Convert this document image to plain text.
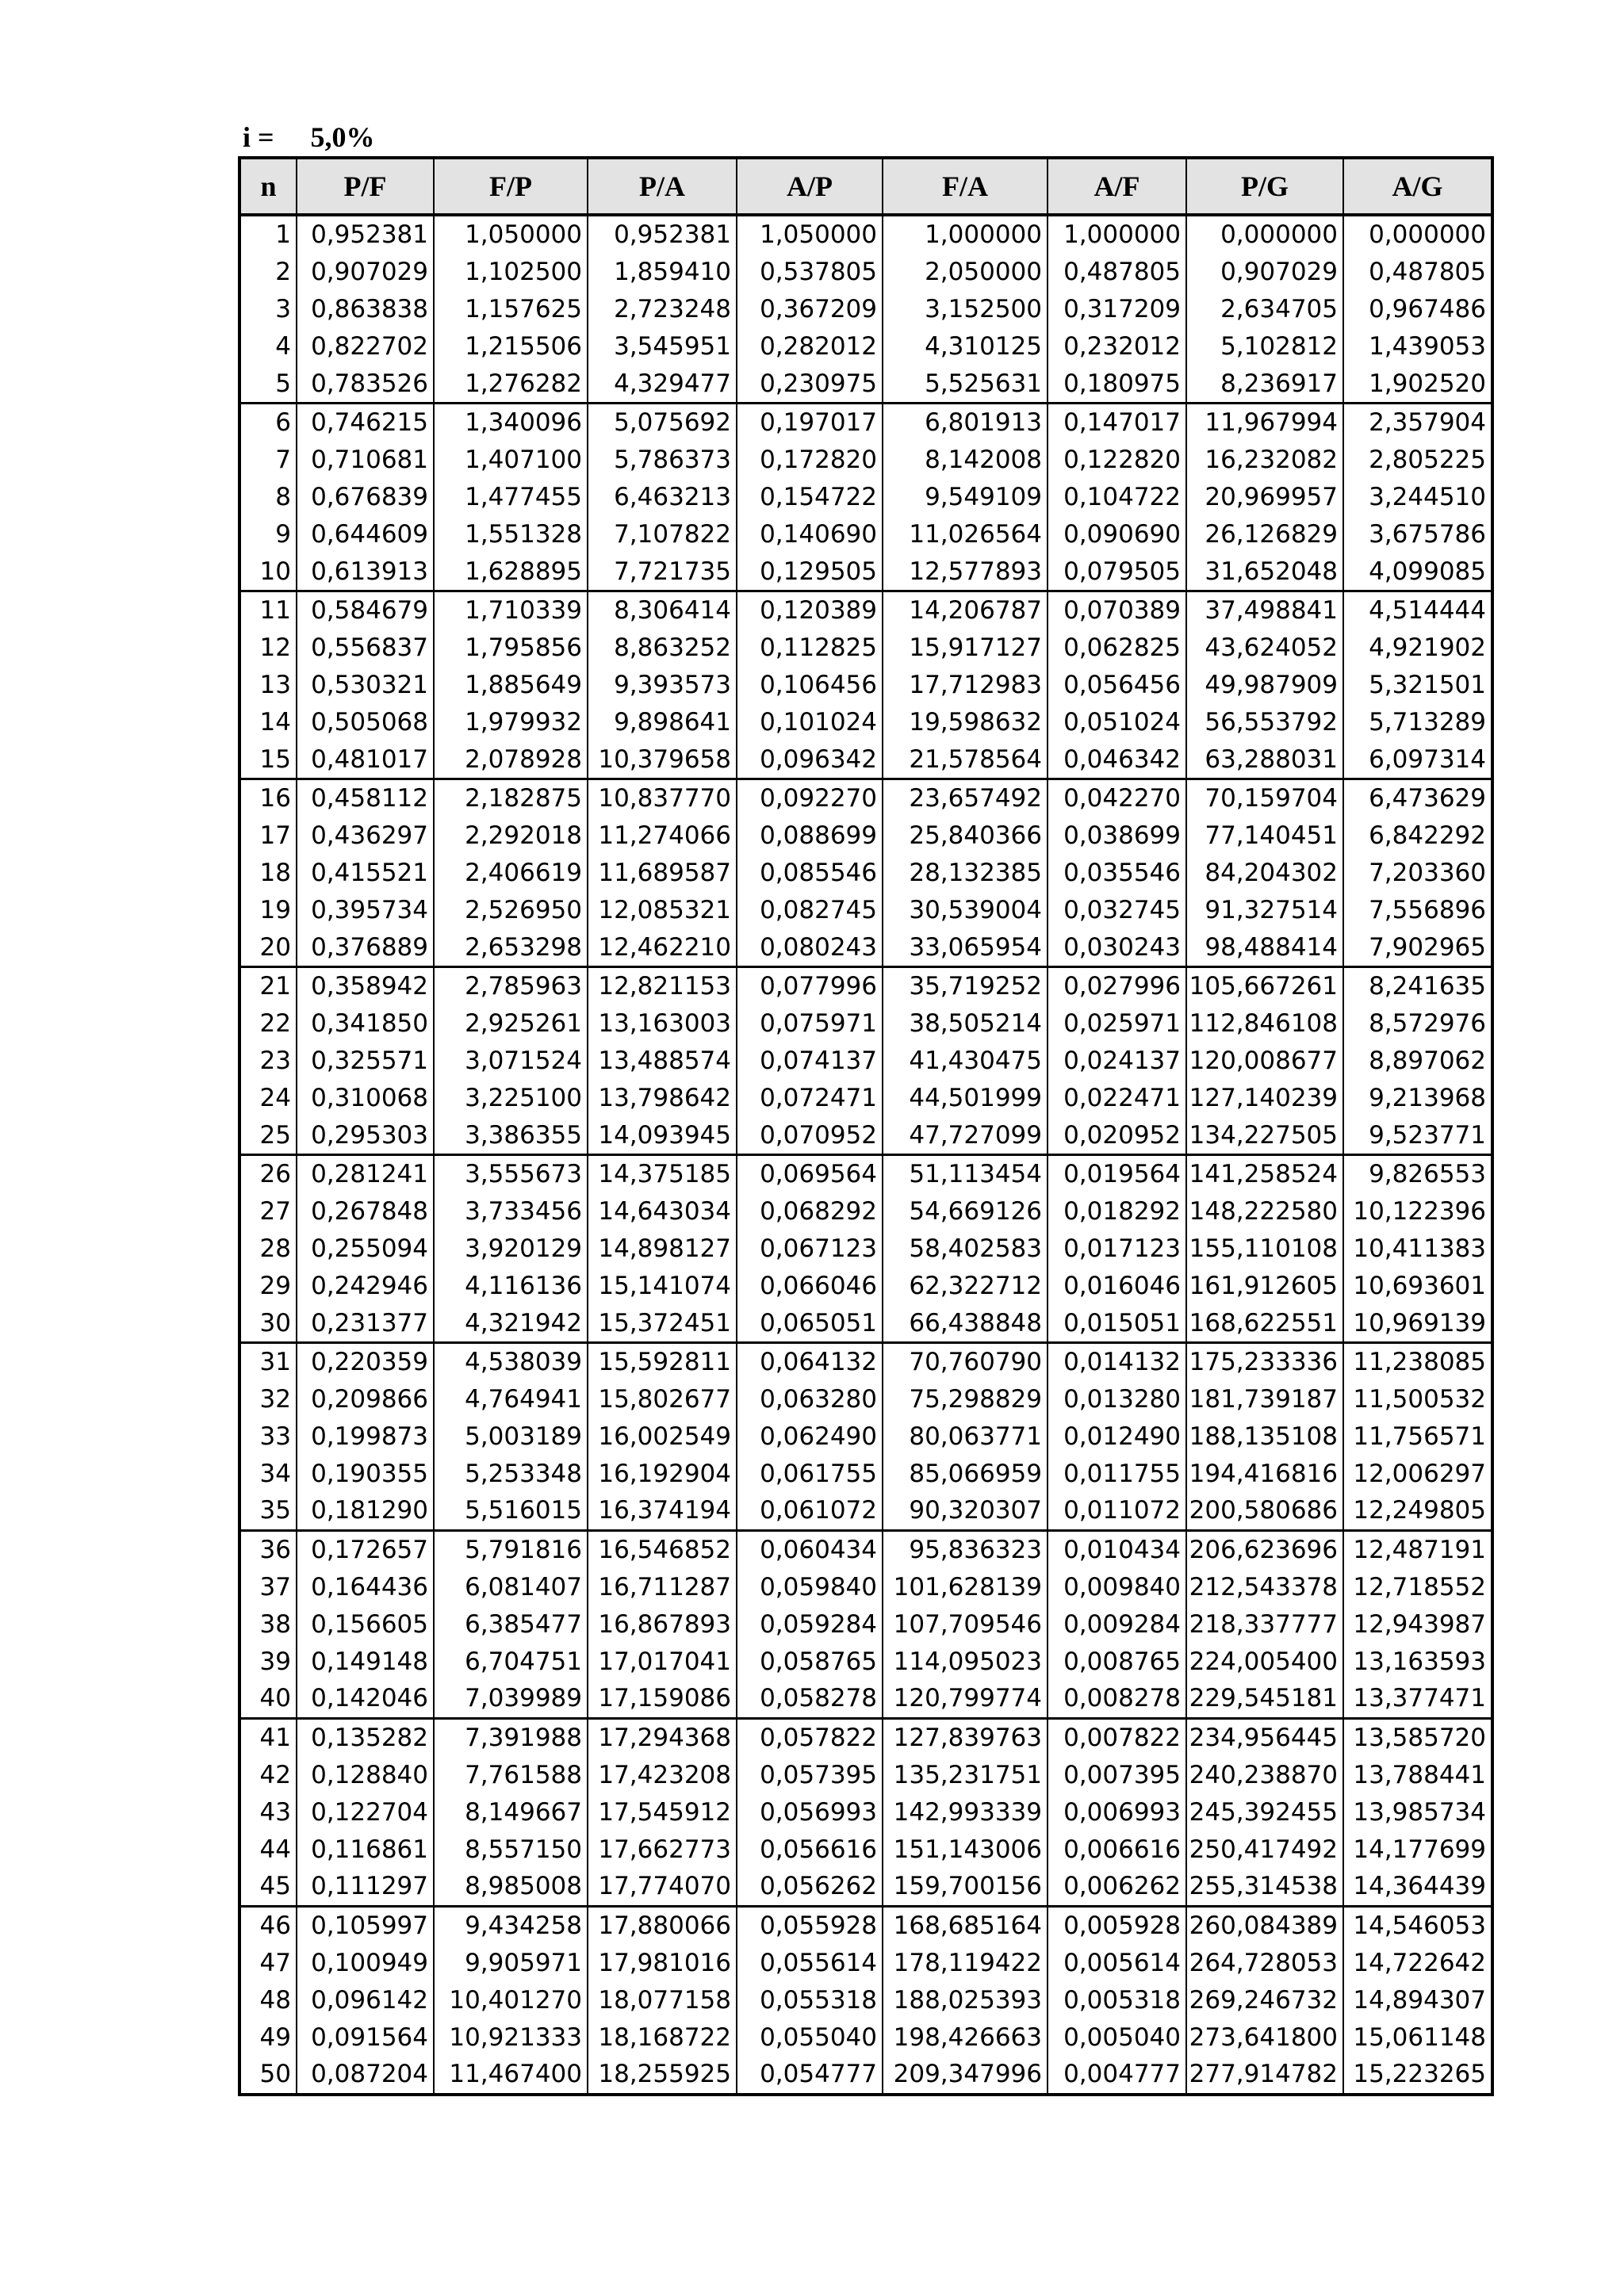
i = 5,0%
n	P/F	F/P	P/A	A/P	F/A	A/F	P/G	A/G
1	0,952381	1,050000	0,952381	1,050000	1,000000	1,000000	0,000000	0,000000
2	0,907029	1,102500	1,859410	0,537805	2,050000	0,487805	0,907029	0,487805
3	0,863838	1,157625	2,723248	0,367209	3,152500	0,317209	2,634705	0,967486
4	0,822702	1,215506	3,545951	0,282012	4,310125	0,232012	5,102812	1,439053
5	0,783526	1,276282	4,329477	0,230975	5,525631	0,180975	8,236917	1,902520
6	0,746215	1,340096	5,075692	0,197017	6,801913	0,147017	11,967994	2,357904
7	0,710681	1,407100	5,786373	0,172820	8,142008	0,122820	16,232082	2,805225
8	0,676839	1,477455	6,463213	0,154722	9,549109	0,104722	20,969957	3,244510
9	0,644609	1,551328	7,107822	0,140690	11,026564	0,090690	26,126829	3,675786
10	0,613913	1,628895	7,721735	0,129505	12,577893	0,079505	31,652048	4,099085
11	0,584679	1,710339	8,306414	0,120389	14,206787	0,070389	37,498841	4,514444
12	0,556837	1,795856	8,863252	0,112825	15,917127	0,062825	43,624052	4,921902
13	0,530321	1,885649	9,393573	0,106456	17,712983	0,056456	49,987909	5,321501
14	0,505068	1,979932	9,898641	0,101024	19,598632	0,051024	56,553792	5,713289
15	0,481017	2,078928	10,379658	0,096342	21,578564	0,046342	63,288031	6,097314
16	0,458112	2,182875	10,837770	0,092270	23,657492	0,042270	70,159704	6,473629
17	0,436297	2,292018	11,274066	0,088699	25,840366	0,038699	77,140451	6,842292
18	0,415521	2,406619	11,689587	0,085546	28,132385	0,035546	84,204302	7,203360
19	0,395734	2,526950	12,085321	0,082745	30,539004	0,032745	91,327514	7,556896
20	0,376889	2,653298	12,462210	0,080243	33,065954	0,030243	98,488414	7,902965
21	0,358942	2,785963	12,821153	0,077996	35,719252	0,027996	105,667261	8,241635
22	0,341850	2,925261	13,163003	0,075971	38,505214	0,025971	112,846108	8,572976
23	0,325571	3,071524	13,488574	0,074137	41,430475	0,024137	120,008677	8,897062
24	0,310068	3,225100	13,798642	0,072471	44,501999	0,022471	127,140239	9,213968
25	0,295303	3,386355	14,093945	0,070952	47,727099	0,020952	134,227505	9,523771
26	0,281241	3,555673	14,375185	0,069564	51,113454	0,019564	141,258524	9,826553
27	0,267848	3,733456	14,643034	0,068292	54,669126	0,018292	148,222580	10,122396
28	0,255094	3,920129	14,898127	0,067123	58,402583	0,017123	155,110108	10,411383
29	0,242946	4,116136	15,141074	0,066046	62,322712	0,016046	161,912605	10,693601
30	0,231377	4,321942	15,372451	0,065051	66,438848	0,015051	168,622551	10,969139
31	0,220359	4,538039	15,592811	0,064132	70,760790	0,014132	175,233336	11,238085
32	0,209866	4,764941	15,802677	0,063280	75,298829	0,013280	181,739187	11,500532
33	0,199873	5,003189	16,002549	0,062490	80,063771	0,012490	188,135108	11,756571
34	0,190355	5,253348	16,192904	0,061755	85,066959	0,011755	194,416816	12,006297
35	0,181290	5,516015	16,374194	0,061072	90,320307	0,011072	200,580686	12,249805
36	0,172657	5,791816	16,546852	0,060434	95,836323	0,010434	206,623696	12,487191
37	0,164436	6,081407	16,711287	0,059840	101,628139	0,009840	212,543378	12,718552
38	0,156605	6,385477	16,867893	0,059284	107,709546	0,009284	218,337777	12,943987
39	0,149148	6,704751	17,017041	0,058765	114,095023	0,008765	224,005400	13,163593
40	0,142046	7,039989	17,159086	0,058278	120,799774	0,008278	229,545181	13,377471
41	0,135282	7,391988	17,294368	0,057822	127,839763	0,007822	234,956445	13,585720
42	0,128840	7,761588	17,423208	0,057395	135,231751	0,007395	240,238870	13,788441
43	0,122704	8,149667	17,545912	0,056993	142,993339	0,006993	245,392455	13,985734
44	0,116861	8,557150	17,662773	0,056616	151,143006	0,006616	250,417492	14,177699
45	0,111297	8,985008	17,774070	0,056262	159,700156	0,006262	255,314538	14,364439
46	0,105997	9,434258	17,880066	0,055928	168,685164	0,005928	260,084389	14,546053
47	0,100949	9,905971	17,981016	0,055614	178,119422	0,005614	264,728053	14,722642
48	0,096142	10,401270	18,077158	0,055318	188,025393	0,005318	269,246732	14,894307
49	0,091564	10,921333	18,168722	0,055040	198,426663	0,005040	273,641800	15,061148
50	0,087204	11,467400	18,255925	0,054777	209,347996	0,004777	277,914782	15,223265
